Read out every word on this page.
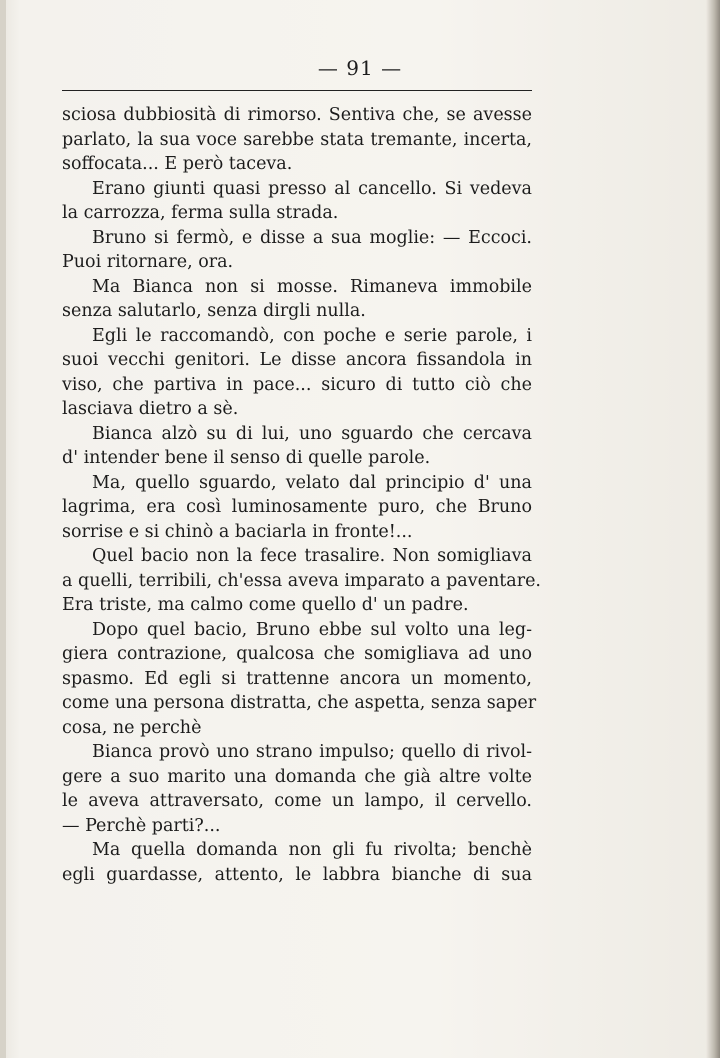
— 91 —
sciosa dubbiosità di rimorso. Sentiva che, se avesse
parlato, la sua voce sarebbe stata tremante, incerta,
soffocata... E però taceva.
Erano giunti quasi presso al cancello. Si vedeva
la carrozza, ferma sulla strada.
Bruno si fermò, e disse a sua moglie: — Eccoci.
Puoi ritornare, ora.
Ma Bianca non si mosse. Rimaneva immobile
senza salutarlo, senza dirgli nulla.
Egli le raccomandò, con poche e serie parole, i
suoi vecchi genitori. Le disse ancora fissandola in
viso, che partiva in pace... sicuro di tutto ciò che
lasciava dietro a sè.
Bianca alzò su di lui, uno sguardo che cercava
d' intender bene il senso di quelle parole.
Ma, quello sguardo, velato dal principio d' una
lagrima, era così luminosamente puro, che Bruno
sorrise e si chinò a baciarla in fronte!...
Quel bacio non la fece trasalire. Non somigliava
a quelli, terribili, ch'essa aveva imparato a paventare.
Era triste, ma calmo come quello d' un padre.
Dopo quel bacio, Bruno ebbe sul volto una leg-
giera contrazione, qualcosa che somigliava ad uno
spasmo. Ed egli si trattenne ancora un momento,
come una persona distratta, che aspetta, senza saper
cosa, ne perchè
Bianca provò uno strano impulso; quello di rivol-
gere a suo marito una domanda che già altre volte
le aveva attraversato, come un lampo, il cervello.
— Perchè parti?...
Ma quella domanda non gli fu rivolta; benchè
egli guardasse, attento, le labbra bianche di sua
